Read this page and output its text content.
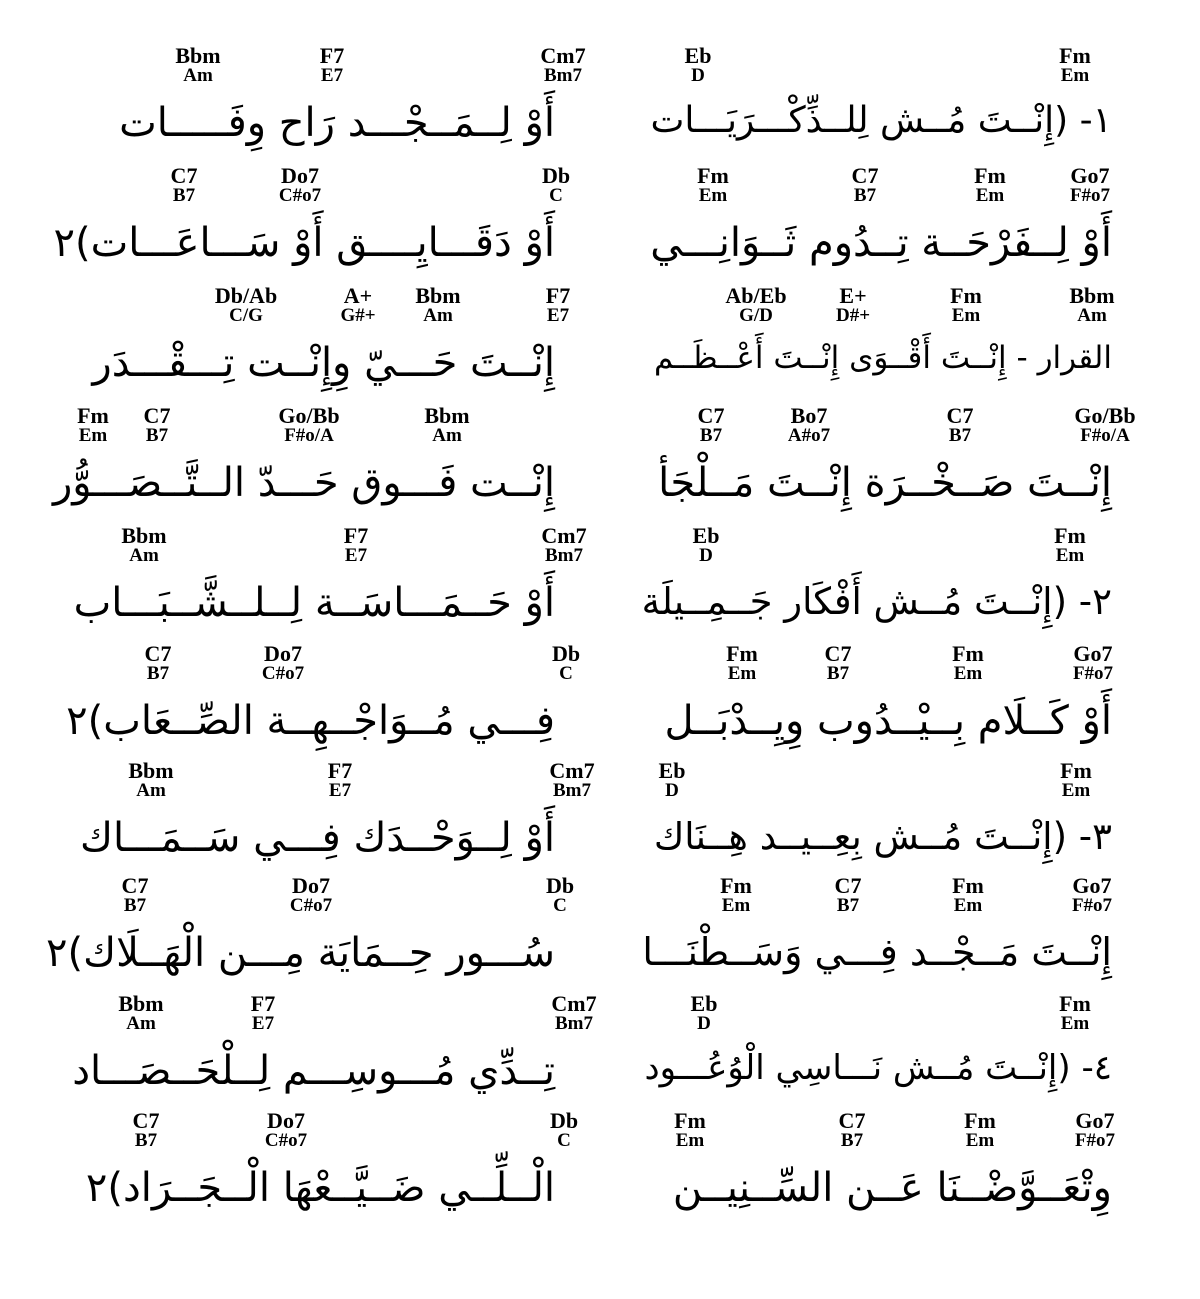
Bbm
Am
F7
E7
Cm7
Bm7
Eb
D
Fm
Em
١- (إِنْــتَ مُــش لِلــذِّكْـــرَيَـــات
أَوْ لِــمَــجْـــد رَاح وِفَـــــات
C7
B7
Do7
C#o7
Db
C
Fm
Em
C7
B7
Fm
Em
Go7
F#o7
أَوْ لِــفَرْحَــة تِــدُوم ثَــوَانِـــي
أَوْ دَقَـــايِــــق أَوْ سَـــاعَـــات)٢
Db/Ab
C/G
A+
G#+
Bbm
Am
F7
E7
Ab/Eb
G/D
E+
D#+
Fm
Em
Bbm
Am
القرار - إِنْــتَ أَقْــوَى إِنْــتَ أَعْــظَــم
إِنْــتَ حَـــيّ وِإِنْــت تِـــقْـــدَر
Fm
Em
C7
B7
Go/Bb
F#o/A
Bbm
Am
C7
B7
Bo7
A#o7
C7
B7
Go/Bb
F#o/A
إِنْــتَ صَــخْــرَة إِنْــتَ مَــلْجَأ
إِنْــت فَـــوق حَـــدّ الــتَّــصَـــوُّر
Bbm
Am
F7
E7
Cm7
Bm7
Eb
D
Fm
Em
٢- (إِنْــتَ مُــش أَفْكَار جَــمِــيلَة
أَوْ حَــمَـــاسَــة لِــلــشَّــبَـــاب
C7
B7
Do7
C#o7
Db
C
Fm
Em
C7
B7
Fm
Em
Go7
F#o7
أَوْ كَــلَام بِــيْــدُوب وِيِــدْبَــل
فِـــي مُــوَاجْــهِــة الصِّــعَاب)٢
Bbm
Am
F7
E7
Cm7
Bm7
Eb
D
Fm
Em
٣- (إِنْــتَ مُــش بِعِــيــد هِــنَاك
أَوْ لِــوَحْــدَك فِـــي سَــمَـــاك
C7
B7
Do7
C#o7
Db
C
Fm
Em
C7
B7
Fm
Em
Go7
F#o7
إِنْــتَ مَــجْــد فِـــي وَسَــطْنَـــا
سُـــور حِــمَايَة مِـــن الْهَــلَاك)٢
Bbm
Am
F7
E7
Cm7
Bm7
Eb
D
Fm
Em
٤- (إِنْــتَ مُــش نَـــاسِي الْوُعُـــود
تِــدِّي مُـــوسِـــم لِــلْحَــصَـــاد
C7
B7
Do7
C#o7
Db
C
Fm
Em
C7
B7
Fm
Em
Go7
F#o7
وِتْعَــوَّضْــنَا عَــن السِّــنِيــن
الْــلِّــي ضَــيَّــعْهَا الْــجَــرَاد)٢
